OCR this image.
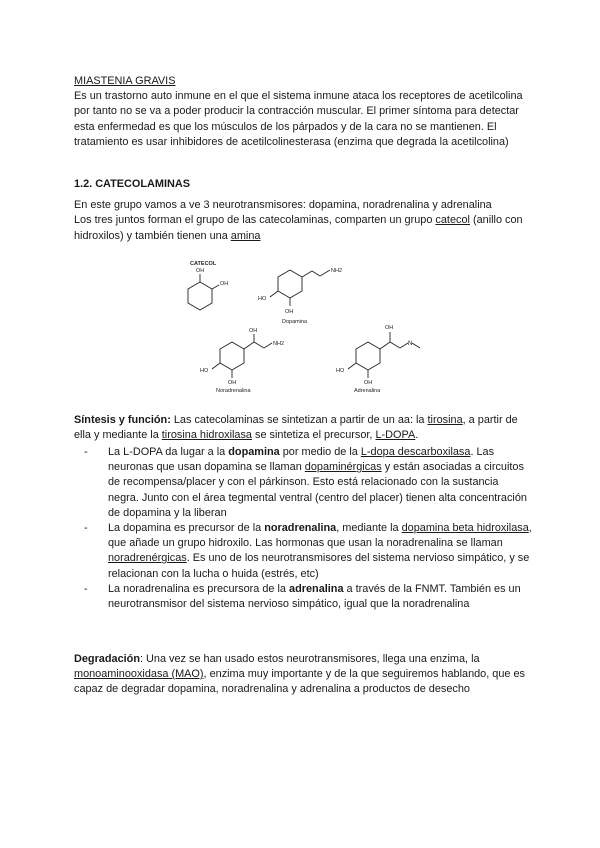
MIASTENIA GRAVIS

Es un trastorno auto inmune en el que el sistema inmune ataca los receptores de acetilcolina por tanto no se va a poder producir la contracción muscular. El primer síntoma para detectar esta enfermedad es que los músculos de los párpados y de la cara no se mantienen. El tratamiento es usar inhibidores de acetilcolinesterasa (enzima que degrada la acetilcolina)

1.2. CATECOLAMINAS

En este grupo vamos a ve 3 neurotransmisores: dopamina, noradrenalina y adrenalina

Los tres juntos forman el grupo de las catecolaminas, comparten un grupo catecol (anillo con hidroxilos) y también tienen una amina

CATECOL
OH
OH
NH2
HO
OH
Dopamina
OH
NH2
HO
OH
Noradrenalina
OH
N
HO
OH
Adrenalina

Síntesis y función: Las catecolaminas se sintetizan a partir de un aa: la tirosina, a partir de ella y mediante la tirosina hidroxilasa se sintetiza el precursor, L-DOPA.

- La L-DOPA da lugar a la dopamina por medio de la L-dopa descarboxilasa. Las neuronas que usan dopamina se llaman dopaminérgicas y están asociadas a circuitos de recompensa/placer y con el párkinson. Esto está relacionado con la sustancia negra. Junto con el área tegmental ventral (centro del placer) tienen alta concentración de dopamina y la liberan
- La dopamina es precursor de la noradrenalina, mediante la dopamina beta hidroxilasa, que añade un grupo hidroxilo. Las hormonas que usan la noradrenalina se llaman noradrenérgicas. Es uno de los neurotransmisores del sistema nervioso simpático, y se relacionan con la lucha o huida (estrés, etc)
- La noradrenalina es precursora de la adrenalina a través de la FNMT. También es un neurotransmisor del sistema nervioso simpático, igual que la noradrenalina

Degradación: Una vez se han usado estos neurotransmisores, llega una enzima, la monoaminooxidasa (MAO), enzima muy importante y de la que seguiremos hablando, que es capaz de degradar dopamina, noradrenalina y adrenalina a productos de desecho
